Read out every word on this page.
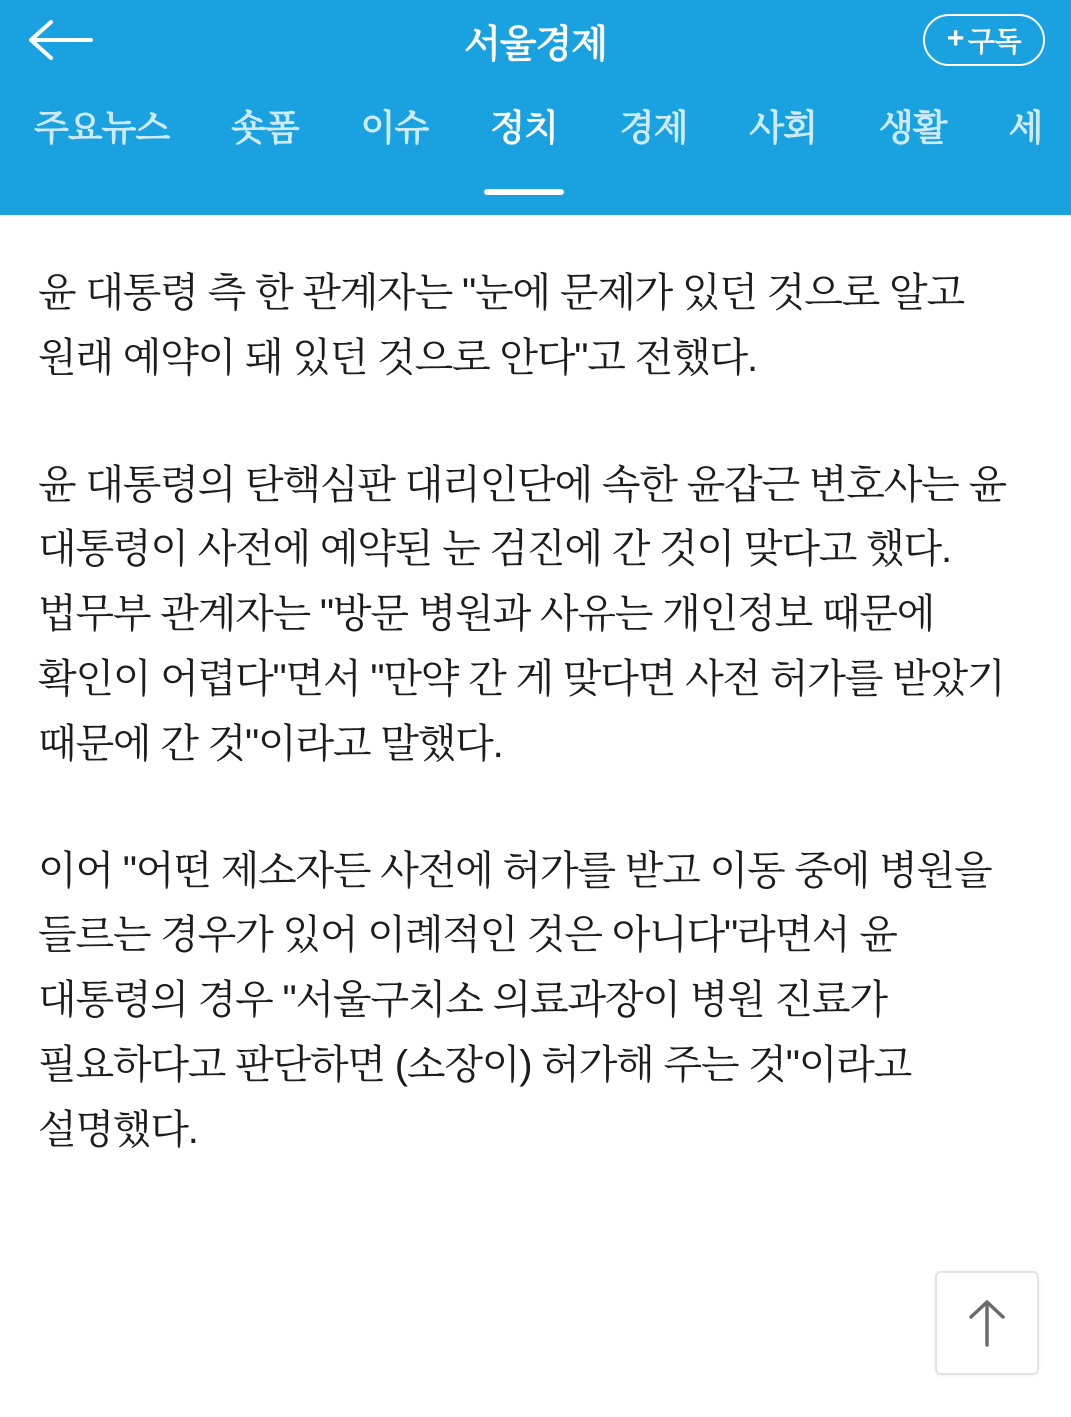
서울경제	+ 구독
주요뉴스 숏폼 이슈 정치 경제 사회 생활 세

윤 대통령 측 한 관계자는 "눈에 문제가 있던 것으로 알고 원래 예약이 돼 있던 것으로 안다"고 전했다.

윤 대통령의 탄핵심판 대리인단에 속한 윤갑근 변호사는 윤 대통령이 사전에 예약된 눈 검진에 간 것이 맞다고 했다. 법무부 관계자는 "방문 병원과 사유는 개인정보 때문에 확인이 어렵다"면서 "만약 간 게 맞다면 사전 허가를 받았기 때문에 간 것"이라고 말했다.

이어 "어떤 제소자든 사전에 허가를 받고 이동 중에 병원을 들르는 경우가 있어 이례적인 것은 아니다"라면서 윤 대통령의 경우 "서울구치소 의료과장이 병원 진료가 필요하다고 판단하면 (소장이) 허가해 주는 것"이라고 설명했다.
